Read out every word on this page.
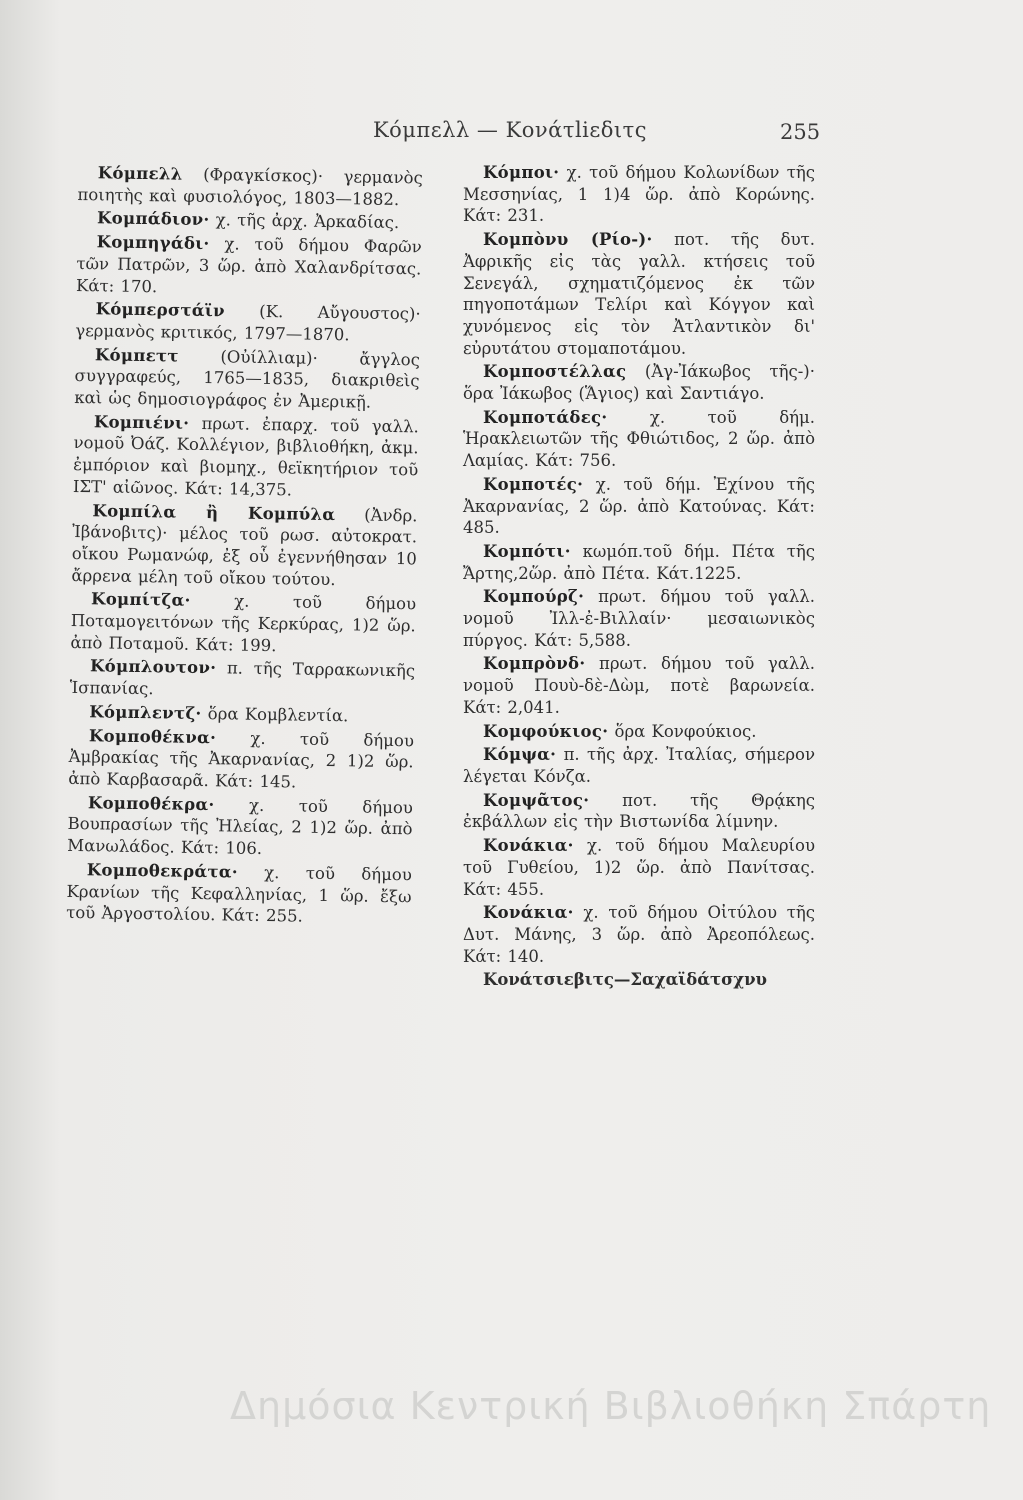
Κόμπελλ — Κονάτliεδιτς	255

Κόμπελλ (Φραγκίσκος)· γερμανὸς ποιητὴς καὶ φυσιολόγος, 1803—1882.

Κομπάδιον· χ. τῆς ἀρχ. Ἀρκαδίας.

Κομπηγάδι· χ. τοῦ δήμου Φαρῶν τῶν Πατρῶν, 3 ὥρ. ἀπὸ Χαλανδρίτσας. Κάτ: 170.

Κόμπερστάϊν (Κ. Αὔγουστος)· γερμανὸς κριτικός, 1797—1870.

Κόμπεττ	(Οὐίλλιαμ)· ἄγγλος συγγραφεύς, 1765—1835, διακριθεὶς καὶ ὡς δημοσιογράφος ἐν Ἀμερικῇ.

Κομπιένι· πρωτ. ἐπαρχ. τοῦ γαλλ. νομοῦ Ὀάζ. Κολλέγιον, βιβλιοθήκη, ἀκμ. ἐμπόριον καὶ βιομηχ., θεϊκητήριον τοῦ ΙΣΤ' αἰῶνος. Κάτ: 14,375.

Κομπίλα ἢ Κομπύλα (Ἀνδρ. Ἰβάνοβιτς)· μέλος τοῦ ρωσ. αὐτοκρατ. οἴκου Ρωμανώφ, ἐξ οὗ ἐγεννήθησαν 10 ἄρρενα μέλη τοῦ οἴκου τούτου.

Κομπίτζα·	χ. τοῦ δήμου Ποταμογειτόνων τῆς Κερκύρας, 1)2 ὥρ. ἀπὸ Ποταμοῦ. Κάτ: 199.

Κόμπλουτον· π. τῆς Ταρρακωνικῆς Ἱσπανίας.

Κόμπλεντζ· ὅρα Κομβλεντία.

Κομποθέκνα· χ. τοῦ δήμου Ἀμβρακίας τῆς Ἀκαρνανίας, 2 1)2 ὥρ. ἀπὸ Καρβασαρᾶ. Κάτ: 145.

Κομποθέκρα· χ. τοῦ δήμου Βουπρασίων τῆς Ἠλείας, 2 1)2 ὥρ. ἀπὸ Μανωλάδος. Κάτ: 106.

Κομποθεκράτα· χ. τοῦ δήμου Κρανίων τῆς Κεφαλληνίας, 1 ὥρ. ἔξω τοῦ Ἀργοστολίου. Κάτ: 255.

Κόμποι· χ. τοῦ δήμου Κολωνίδων τῆς Μεσσηνίας, 1 1)4 ὥρ. ἀπὸ Κορώνης. Κάτ: 231.

Κομπὸνυ (Ρίο-)· ποτ. τῆς δυτ. Ἀφρικῆς εἰς τὰς γαλλ. κτήσεις τοῦ Σενεγάλ, σχηματιζόμενος ἐκ τῶν πηγοποτάμων Τελίρι καὶ Κόγγον καὶ χυνόμενος εἰς τὸν Ἀτλαντικὸν δι' εὐρυτάτου στομαποτάμου.

Κομποστέλλας (Ἀγ-Ἰάκωβος τῆς-)· ὅρα Ἰάκωβος (Ἅγιος) καὶ Σαντιάγο.

Κομποτάδες·	χ. τοῦ δήμ. Ἡρακλειωτῶν τῆς Φθιώτιδος, 2 ὥρ. ἀπὸ Λαμίας. Κάτ: 756.

Κομποτές· χ. τοῦ δήμ. Ἐχίνου τῆς Ἀκαρνανίας, 2 ὥρ. ἀπὸ Κατούνας. Κάτ: 485.

Κομπότι· κωμόπ.τοῦ δήμ. Πέτα τῆς Ἄρτης,2ὥρ. ἀπὸ Πέτα. Κάτ.1225.

Κομπούρζ· πρωτ. δήμου τοῦ γαλλ. νομοῦ Ἰλλ-ἐ-Βιλλαίν· μεσαιωνικὸς πύργος. Κάτ: 5,588.

Κομπρὸνδ· πρωτ. δήμου τοῦ γαλλ. νομοῦ Πουὺ-δὲ-Δὼμ, ποτὲ βαρωνεία. Κάτ: 2,041.

Κομφούκιος· ὅρα Κονφούκιος.

Κόμψα· π. τῆς ἀρχ. Ἰταλίας, σήμερον λέγεται Κόνζα.

Κομψᾶτος· ποτ. τῆς Θρᾴκης ἐκβάλλων εἰς τὴν Βιστωνίδα λίμνην.

Κονάκια· χ. τοῦ δήμου Μαλευρίου τοῦ Γυθείου, 1)2 ὥρ. ἀπὸ Πανίτσας. Κάτ: 455.

Κονάκια· χ. τοῦ δήμου Οἰτύλου τῆς Δυτ. Μάνης, 3 ὥρ. ἀπὸ Ἀρεοπόλεως. Κάτ: 140.

Κονάτσιεβιτς—Σαχαϊδάτσχνυ

Δημόσια Κεντρική Βιβλιοθήκη Σπάρτη
